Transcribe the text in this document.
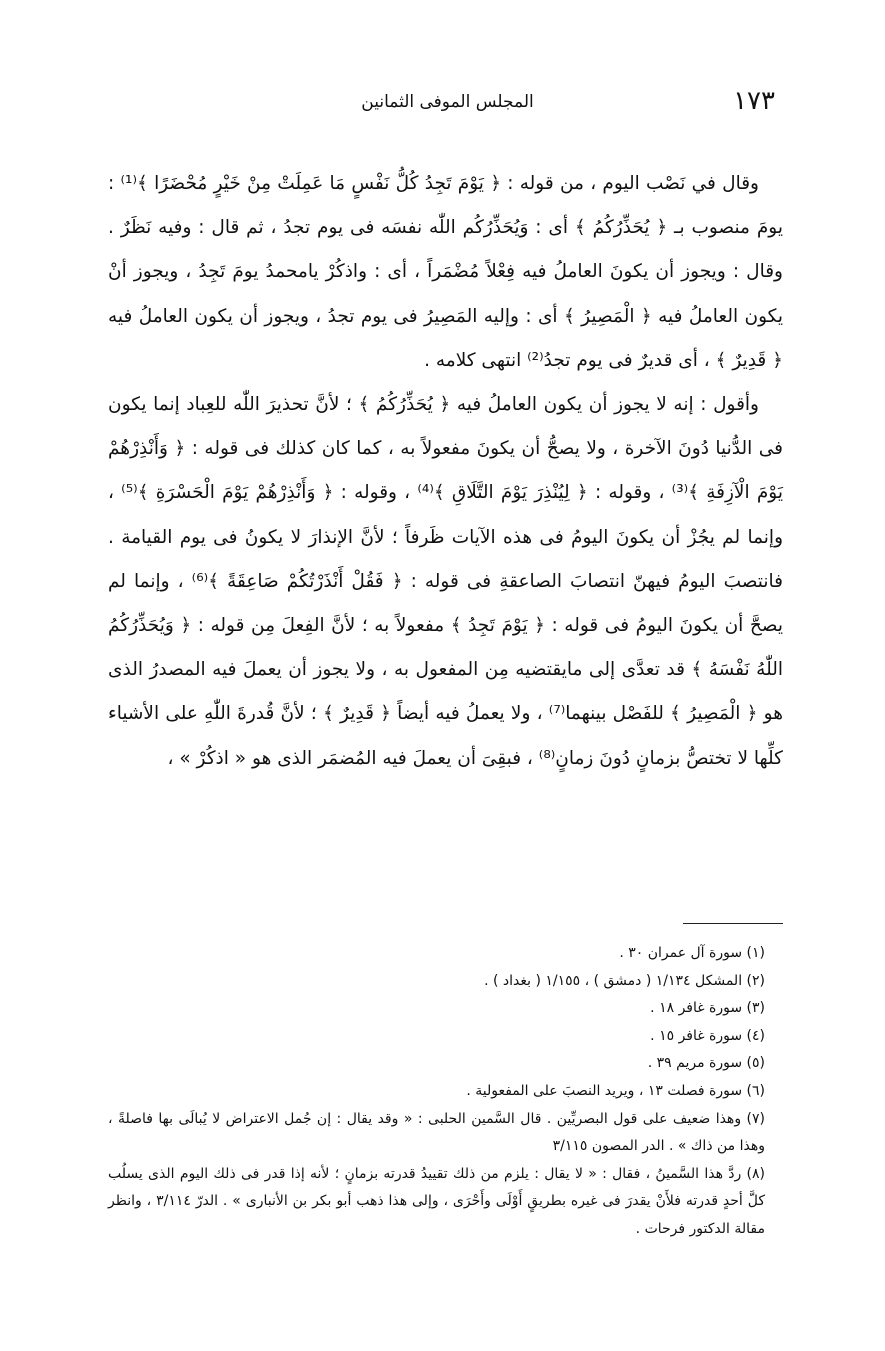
١٧٣
المجلس الموفى الثمانين

وقال في نَصْب اليوم ، من قوله : ﴿ يَوْمَ تَجِدُ كُلُّ نَفْسٍ مَا عَمِلَتْ مِنْ خَيْرٍ مُحْضَرًا ﴾⁽¹⁾ : يومَ منصوب بـ ﴿ يُحَذِّرُكُمُ ﴾ أى : وَيُحَذِّرُكُم اللّٰه نفسَه فى يوم تجدُ ، ثم قال : وفيه نَظَرٌ . وقال : ويجوز أن يكونَ العاملُ فيه فِعْلاً مُضْمَراً ، أى : واذكُرْ يامحمدُ يومَ تَجِدُ ، ويجوز أنْ يكون العاملُ فيه ﴿ الْمَصِيرُ ﴾ أى : وإليه المَصِيرُ فى يوم تجدُ ، ويجوز أن يكون العاملُ فيه ﴿ قَدِيرٌ ﴾ ، أى قديرٌ فى يوم تجدُ⁽²⁾ انتهى كلامه .

وأقول : إنه لا يجوز أن يكون العاملُ فيه ﴿ يُحَذِّرُكُمُ ﴾ ؛ لأنَّ تحذيرَ اللّٰه للعِباد إنما يكون فى الدُّنيا دُونَ الآخرة ، ولا يصحُّ أن يكونَ مفعولاً به ، كما كان كذلك فى قوله : ﴿ وَأَنْذِرْهُمْ يَوْمَ الْآزِفَةِ ﴾⁽³⁾ ، وقوله : ﴿ لِيُنْذِرَ يَوْمَ التَّلَاقِ ﴾⁽⁴⁾ ، وقوله : ﴿ وَأَنْذِرْهُمْ يَوْمَ الْحَسْرَةِ ﴾⁽⁵⁾ ، وإنما لم يجُزْ أن يكونَ اليومُ فى هذه الآيات ظَرفاً ؛ لأنَّ الإنذارَ لا يكونُ فى يوم القيامة . فانتصبَ اليومُ فيهنّ انتصابَ الصاعقةِ فى قوله : ﴿ فَقُلْ أَنْذَرْتُكُمْ صَاعِقَةً ﴾⁽⁶⁾ ، وإنما لم يصحَّ أن يكونَ اليومُ فى قوله : ﴿ يَوْمَ تَجِدُ ﴾ مفعولاً به ؛ لأنَّ الفِعلَ مِن قوله : ﴿ وَيُحَذِّرُكُمُ اللّٰهُ نَفْسَهُ ﴾ قد تعدَّى إلى مايقتضيه مِن المفعول به ، ولا يجوز أن يعملَ فيه المصدرُ الذى هو ﴿ الْمَصِيرُ ﴾ للفَصْل بينهما⁽⁷⁾ ، ولا يعملُ فيه أيضاً ﴿ قَدِيرٌ ﴾ ؛ لأنَّ قُدرةَ اللّٰهِ على الأشياء كلِّها لا تختصُّ بزمانٍ دُونَ زمانٍ⁽⁸⁾ ، فبقِىَ أن يعملَ فيه المُضمَر الذى هو « اذكُرْ » ،

(١) سورة آل عمران ٣٠ .
(٢) المشكل ١/١٣٤ ( دمشق ) ، ١/١٥٥ ( بغداد ) .
(٣) سورة غافر ١٨ .
(٤) سورة غافر ١٥ .
(٥) سورة مريم ٣٩ .
(٦) سورة فصلت ١٣ ، ويريد النصبَ على المفعولية .
(٧) وهذا ضعيف على قول البصريِّين . قال السَّمين الحلبى : « وقد يقال : إن جُمل الاعتراض لا يُبالَى بها فاصلةً ، وهذا من ذاك » . الدر المصون ٣/١١٥
(٨) ردَّ هذا السَّمينُ ، فقال : « لا يقال : يلزم من ذلك تقييدُ قدرته بزمانٍ ؛ لأنه إذا قدر فى ذلك اليوم الذى يسلُب كلَّ أحدٍ قدرته فلأَنْ يقدرَ فى غيره بطريقٍ أَوْلَى وأَحْرَى ، وإلى هذا ذهب أبو بكر بن الأنبارى » . الدرّ ٣/١١٤ ، وانظر مقالة الدكتور فرحات .
